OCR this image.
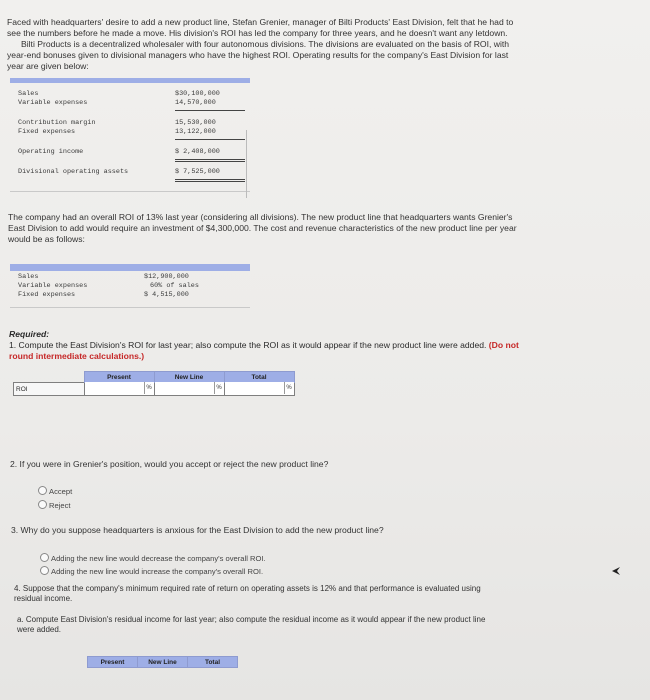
Faced with headquarters' desire to add a new product line, Stefan Grenier, manager of Bilti Products' East Division, felt that he had to
see the numbers before he made a move. His division's ROI has led the company for three years, and he doesn't want any letdown.
Bilti Products is a decentralized wholesaler with four autonomous divisions. The divisions are evaluated on the basis of ROI, with
year-end bonuses given to divisional managers who have the highest ROI. Operating results for the company's East Division for last
year are given below:
Sales	$30,100,000
Variable expenses	14,570,000
Contribution margin	15,530,000
Fixed expenses	13,122,000
Operating income	$ 2,408,000
Divisional operating assets	$ 7,525,000
The company had an overall ROI of 13% last year (considering all divisions). The new product line that headquarters wants Grenier's
East Division to add would require an investment of $4,300,000. The cost and revenue characteristics of the new product line per year
would be as follows:
Sales	$12,900,000
Variable expenses	60% of sales
Fixed expenses	$ 4,515,000
Required:
1. Compute the East Division's ROI for last year; also compute the ROI as it would appear if the new product line were added. (Do not
round intermediate calculations.)
	Present	New Line	Total
ROI	%	%	%
2. If you were in Grenier's position, would you accept or reject the new product line?
Accept
Reject
3. Why do you suppose headquarters is anxious for the East Division to add the new product line?
Adding the new line would decrease the company's overall ROI.
Adding the new line would increase the company's overall ROI.
4. Suppose that the company's minimum required rate of return on operating assets is 12% and that performance is evaluated using
residual income.
a. Compute East Division's residual income for last year; also compute the residual income as it would appear if the new product line
were added.
	Present	New Line	Total
